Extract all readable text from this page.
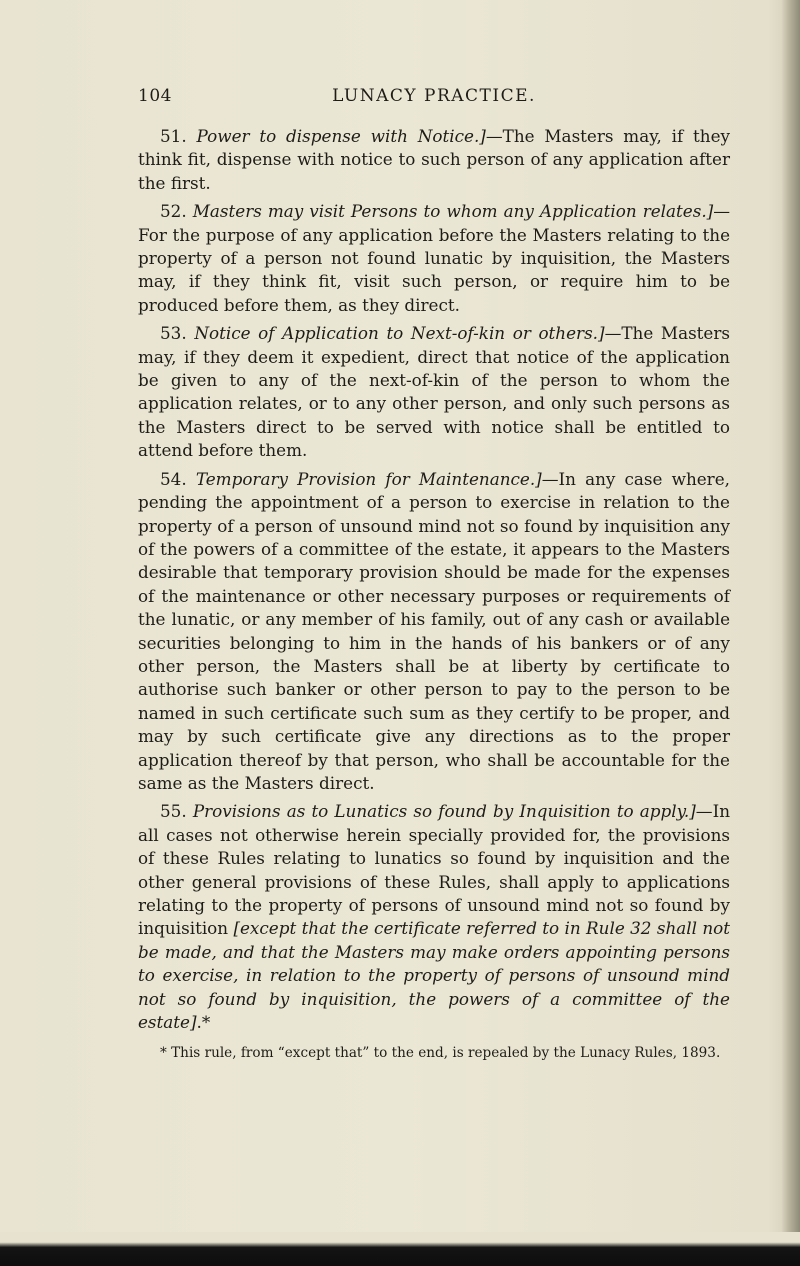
104	LUNACY PRACTICE.

51. Power to dispense with Notice.]—The Masters may, if they think fit, dispense with notice to such person of any application after the first.

52. Masters may visit Persons to whom any Application relates.]—For the purpose of any application before the Masters relating to the property of a person not found lunatic by inquisition, the Masters may, if they think fit, visit such person, or require him to be produced before them, as they direct.

53. Notice of Application to Next-of-kin or others.]—The Masters may, if they deem it expedient, direct that notice of the application be given to any of the next-of-kin of the person to whom the application relates, or to any other person, and only such persons as the Masters direct to be served with notice shall be entitled to attend before them.

54. Temporary Provision for Maintenance.]—In any case where, pending the appointment of a person to exercise in relation to the property of a person of unsound mind not so found by inquisition any of the powers of a committee of the estate, it appears to the Masters desirable that temporary provision should be made for the expenses of the maintenance or other necessary purposes or requirements of the lunatic, or any member of his family, out of any cash or available securities belonging to him in the hands of his bankers or of any other person, the Masters shall be at liberty by certificate to authorise such banker or other person to pay to the person to be named in such certificate such sum as they certify to be proper, and may by such certificate give any directions as to the proper application thereof by that person, who shall be accountable for the same as the Masters direct.

55. Provisions as to Lunatics so found by Inquisition to apply.]—In all cases not otherwise herein specially provided for, the provisions of these Rules relating to lunatics so found by inquisition and the other general provisions of these Rules, shall apply to applications relating to the property of persons of unsound mind not so found by inquisition [except that the certificate referred to in Rule 32 shall not be made, and that the Masters may make orders appointing persons to exercise, in relation to the property of persons of unsound mind not so found by inquisition, the powers of a committee of the estate].*

* This rule, from “except that” to the end, is repealed by the Lunacy Rules, 1893.
